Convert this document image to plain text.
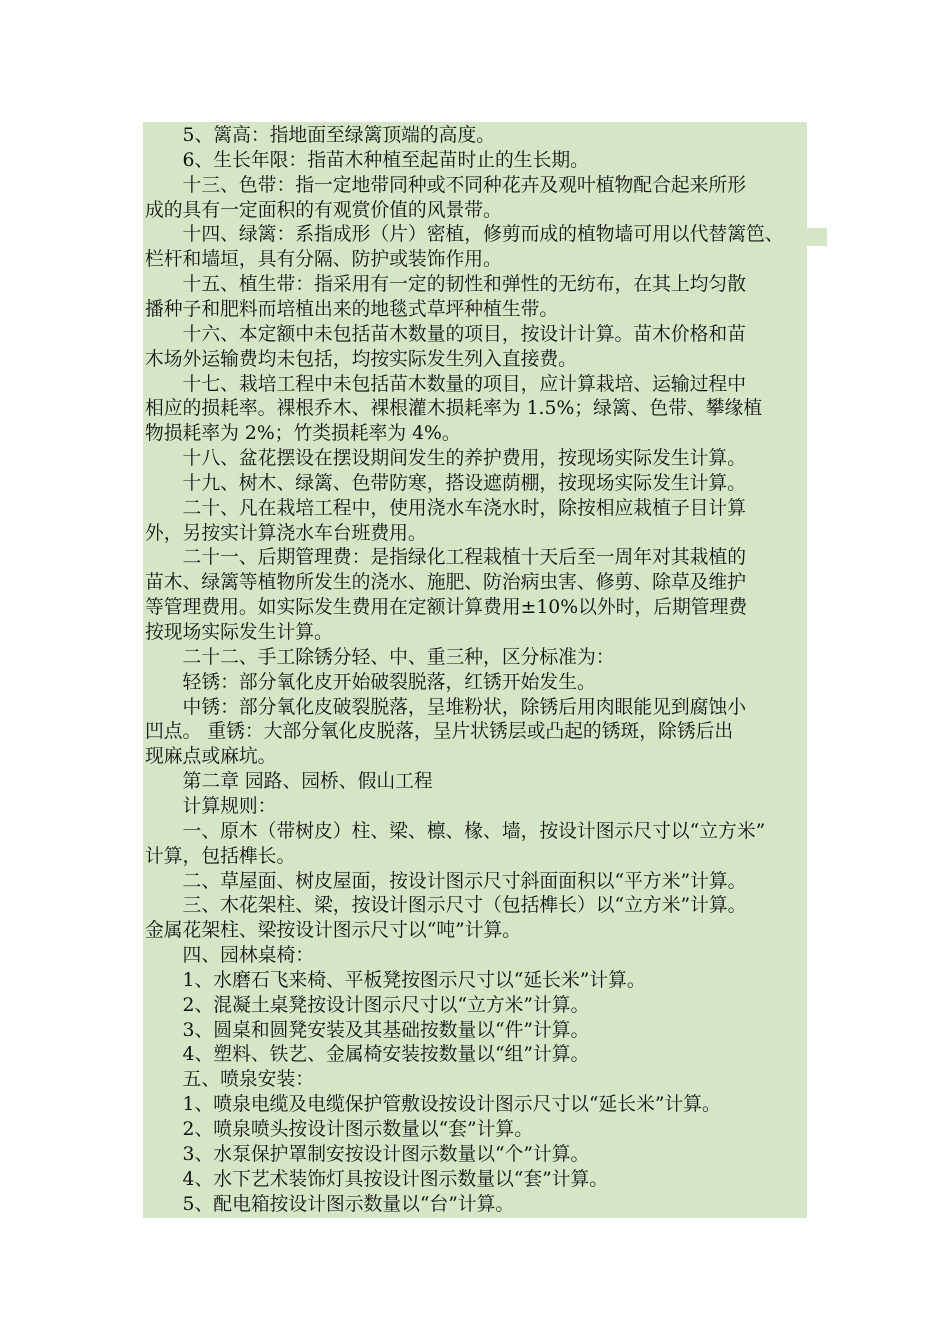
　　5、篱高：指地面至绿篱顶端的高度。
　　6、生长年限：指苗木种植至起苗时止的生长期。
　　十三、色带：指一定地带同种或不同种花卉及观叶植物配合起来所形
成的具有一定面积的有观赏价值的风景带。
　　十四、绿篱：系指成形（片）密植，修剪而成的植物墙可用以代替篱笆、
栏杆和墙垣，具有分隔、防护或装饰作用。
　　十五、植生带：指采用有一定的韧性和弹性的无纺布，在其上均匀散
播种子和肥料而培植出来的地毯式草坪种植生带。
　　十六、本定额中未包括苗木数量的项目，按设计计算。苗木价格和苗
木场外运输费均未包括，均按实际发生列入直接费。
　　十七、栽培工程中未包括苗木数量的项目，应计算栽培、运输过程中
相应的损耗率。裸根乔木、裸根灌木损耗率为 1.5%；绿篱、色带、攀缘植
物损耗率为 2%；竹类损耗率为 4%。
　　十八、盆花摆设在摆设期间发生的养护费用，按现场实际发生计算。
　　十九、树木、绿篱、色带防寒，搭设遮荫棚，按现场实际发生计算。
　　二十、凡在栽培工程中，使用浇水车浇水时，除按相应栽植子目计算
外，另按实计算浇水车台班费用。
　　二十一、后期管理费：是指绿化工程栽植十天后至一周年对其栽植的
苗木、绿篱等植物所发生的浇水、施肥、防治病虫害、修剪、除草及维护
等管理费用。如实际发生费用在定额计算费用±10%以外时，后期管理费
按现场实际发生计算。
　　二十二、手工除锈分轻、中、重三种，区分标准为：
　　轻锈：部分氧化皮开始破裂脱落，红锈开始发生。
　　中锈：部分氧化皮破裂脱落，呈堆粉状，除锈后用肉眼能见到腐蚀小
凹点。 重锈：大部分氧化皮脱落，呈片状锈层或凸起的锈斑，除锈后出
现麻点或麻坑。
　　第二章 园路、园桥、假山工程
　　计算规则：
　　一、原木（带树皮）柱、梁、檩、椽、墙，按设计图示尺寸以“立方米”
计算，包括榫长。
　　二、草屋面、树皮屋面，按设计图示尺寸斜面面积以“平方米”计算。
　　三、木花架柱、梁，按设计图示尺寸（包括榫长）以“立方米”计算。
金属花架柱、梁按设计图示尺寸以“吨”计算。
　　四、园林桌椅：
　　1、水磨石飞来椅、平板凳按图示尺寸以“延长米”计算。
　　2、混凝土桌凳按设计图示尺寸以“立方米”计算。
　　3、圆桌和圆凳安装及其基础按数量以“件”计算。
　　4、塑料、铁艺、金属椅安装按数量以“组”计算。
　　五、喷泉安装：
　　1、喷泉电缆及电缆保护管敷设按设计图示尺寸以“延长米”计算。
　　2、喷泉喷头按设计图示数量以“套”计算。
　　3、水泵保护罩制安按设计图示数量以“个”计算。
　　4、水下艺术装饰灯具按设计图示数量以“套”计算。
　　5、配电箱按设计图示数量以“台”计算。
